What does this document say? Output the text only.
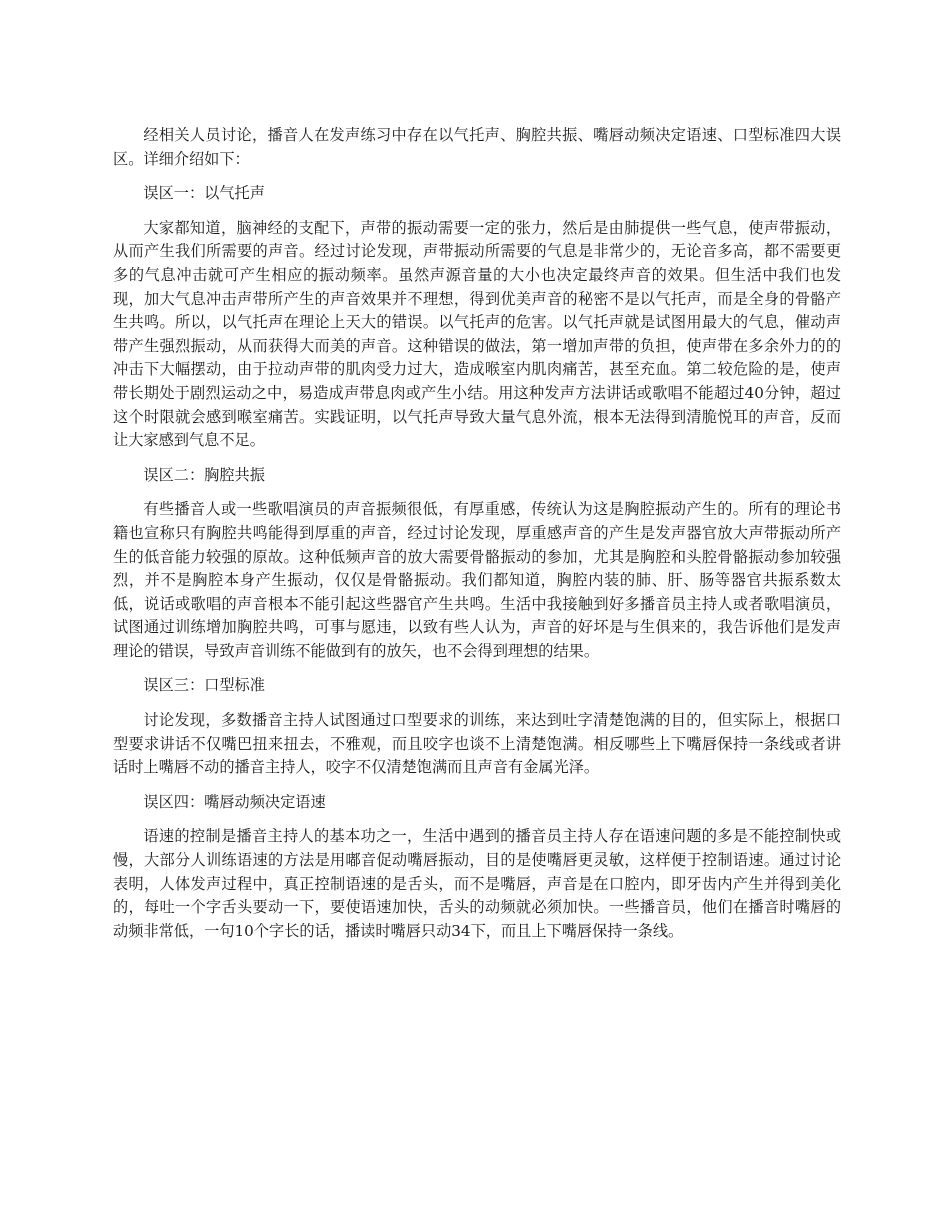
经相关人员讨论，播音人在发声练习中存在以气托声、胸腔共振、嘴唇动频决定语速、口型标准四大误区。详细介绍如下：

误区一：以气托声

大家都知道，脑神经的支配下，声带的振动需要一定的张力，然后是由肺提供一些气息，使声带振动，从而产生我们所需要的声音。经过讨论发现，声带振动所需要的气息是非常少的，无论音多高，都不需要更多的气息冲击就可产生相应的振动频率。虽然声源音量的大小也决定最终声音的效果。但生活中我们也发现，加大气息冲击声带所产生的声音效果并不理想，得到优美声音的秘密不是以气托声，而是全身的骨骼产生共鸣。所以，以气托声在理论上天大的错误。以气托声的危害。以气托声就是试图用最大的气息，催动声带产生强烈振动，从而获得大而美的声音。这种错误的做法，第一增加声带的负担，使声带在多余外力的的冲击下大幅摆动，由于拉动声带的肌肉受力过大，造成喉室内肌肉痛苦，甚至充血。第二较危险的是，使声带长期处于剧烈运动之中，易造成声带息肉或产生小结。用这种发声方法讲话或歌唱不能超过40分钟，超过这个时限就会感到喉室痛苦。实践证明，以气托声导致大量气息外流，根本无法得到清脆悦耳的声音，反而让大家感到气息不足。

误区二：胸腔共振

有些播音人或一些歌唱演员的声音振频很低，有厚重感，传统认为这是胸腔振动产生的。所有的理论书籍也宣称只有胸腔共鸣能得到厚重的声音，经过讨论发现，厚重感声音的产生是发声器官放大声带振动所产生的低音能力较强的原故。这种低频声音的放大需要骨骼振动的参加，尤其是胸腔和头腔骨骼振动参加较强烈，并不是胸腔本身产生振动，仅仅是骨骼振动。我们都知道，胸腔内装的肺、肝、肠等器官共振系数太低，说话或歌唱的声音根本不能引起这些器官产生共鸣。生活中我接触到好多播音员主持人或者歌唱演员，试图通过训练增加胸腔共鸣，可事与愿违，以致有些人认为，声音的好坏是与生俱来的，我告诉他们是发声理论的错误，导致声音训练不能做到有的放矢，也不会得到理想的结果。

误区三：口型标准

讨论发现，多数播音主持人试图通过口型要求的训练，来达到吐字清楚饱满的目的，但实际上，根据口型要求讲话不仅嘴巴扭来扭去，不雅观，而且咬字也谈不上清楚饱满。相反哪些上下嘴唇保持一条线或者讲话时上嘴唇不动的播音主持人，咬字不仅清楚饱满而且声音有金属光泽。

误区四：嘴唇动频决定语速

语速的控制是播音主持人的基本功之一，生活中遇到的播音员主持人存在语速问题的多是不能控制快或慢，大部分人训练语速的方法是用嘟音促动嘴唇振动，目的是使嘴唇更灵敏，这样便于控制语速。通过讨论表明，人体发声过程中，真正控制语速的是舌头，而不是嘴唇，声音是在口腔内，即牙齿内产生并得到美化的，每吐一个字舌头要动一下，要使语速加快，舌头的动频就必须加快。一些播音员，他们在播音时嘴唇的动频非常低，一句10个字长的话，播读时嘴唇只动34下，而且上下嘴唇保持一条线。
